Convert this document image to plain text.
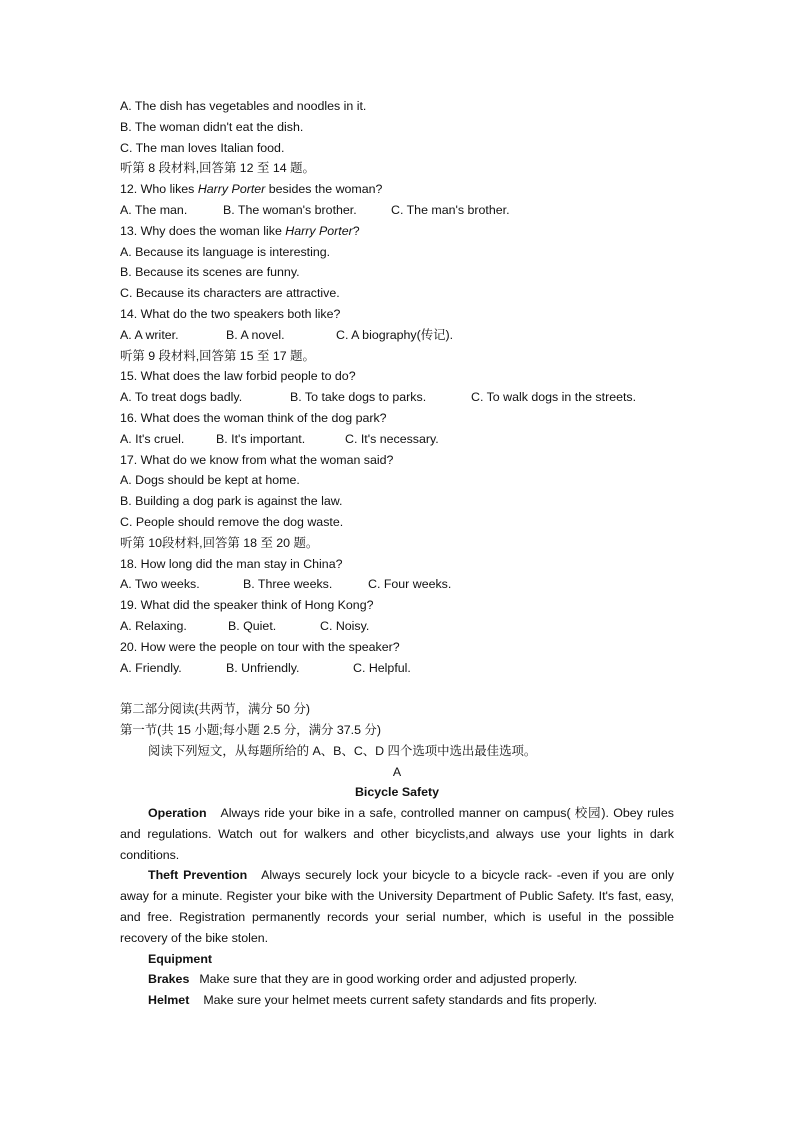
A. The dish has vegetables and noodles in it.
B. The woman didn't eat the dish.
C. The man loves Italian food.
听第 8 段材料,回答第 12 至 14 题。
12. Who likes Harry Porter besides the woman?
A. The man.	B. The woman's brother.	C. The man's brother.
13. Why does the woman like Harry Porter?
A. Because its language is interesting.
B. Because its scenes are funny.
C. Because its characters are attractive.
14. What do the two speakers both like?
A. A writer.	B. A novel.	C. A biography(传记).
听第 9 段材料,回答第 15 至 17 题。
15. What does the law forbid people to do?
A. To treat dogs badly.	B. To take dogs to parks.	C. To walk dogs in the streets.
16. What does the woman think of the dog park?
A. It's cruel.	B. It's important.	C. It's necessary.
17. What do we know from what the woman said?
A. Dogs should be kept at home.
B. Building a dog park is against the law.
C. People should remove the dog waste.
听第 10段材料,回答第 18 至 20 题。
18. How long did the man stay in China?
A. Two weeks.	B. Three weeks.	C. Four weeks.
19. What did the speaker think of Hong Kong?
A. Relaxing.	B. Quiet.	C. Noisy.
20. How were the people on tour with the speaker?
A. Friendly.	B. Unfriendly.	C. Helpful.
第二部分阅读(共两节，满分 50 分)
第一节(共 15 小题;每小题 2.5 分，满分 37.5 分)
阅读下列短文，从每题所给的 A、B、C、D 四个选项中选出最佳选项。
A
Bicycle Safety
Operation Always ride your bike in a safe, controlled manner on campus( 校园). Obey rules and regulations. Watch out for walkers and other bicyclists,and always use your lights in dark conditions.
Theft Prevention Always securely lock your bicycle to a bicycle rack- -even if you are only away for a minute. Register your bike with the University Department of Public Safety. It's fast, easy, and free. Registration permanently records your serial number, which is useful in the possible recovery of the bike stolen.
Equipment
Brakes Make sure that they are in good working order and adjusted properly.
Helmet Make sure your helmet meets current safety standards and fits properly.
